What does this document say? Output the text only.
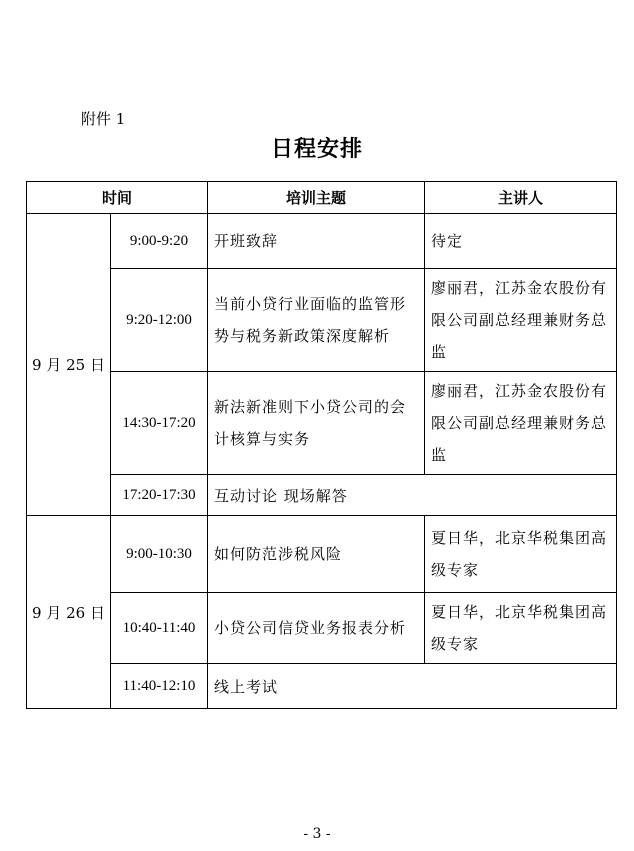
附件 1
日程安排
时间		培训主题	主讲人
9 月 25 日	9:00-9:20	开班致辞	待定
	9:20-12:00	当前小贷行业面临的监管形势与税务新政策深度解析	廖丽君，江苏金农股份有限公司副总经理兼财务总监
	14:30-17:20	新法新准则下小贷公司的会计核算与实务	廖丽君，江苏金农股份有限公司副总经理兼财务总监
	17:20-17:30	互动讨论 现场解答	
9 月 26 日	9:00-10:30	如何防范涉税风险	夏日华，北京华税集团高级专家
	10:40-11:40	小贷公司信贷业务报表分析	夏日华，北京华税集团高级专家
	11:40-12:10	线上考试	
- 3 -
